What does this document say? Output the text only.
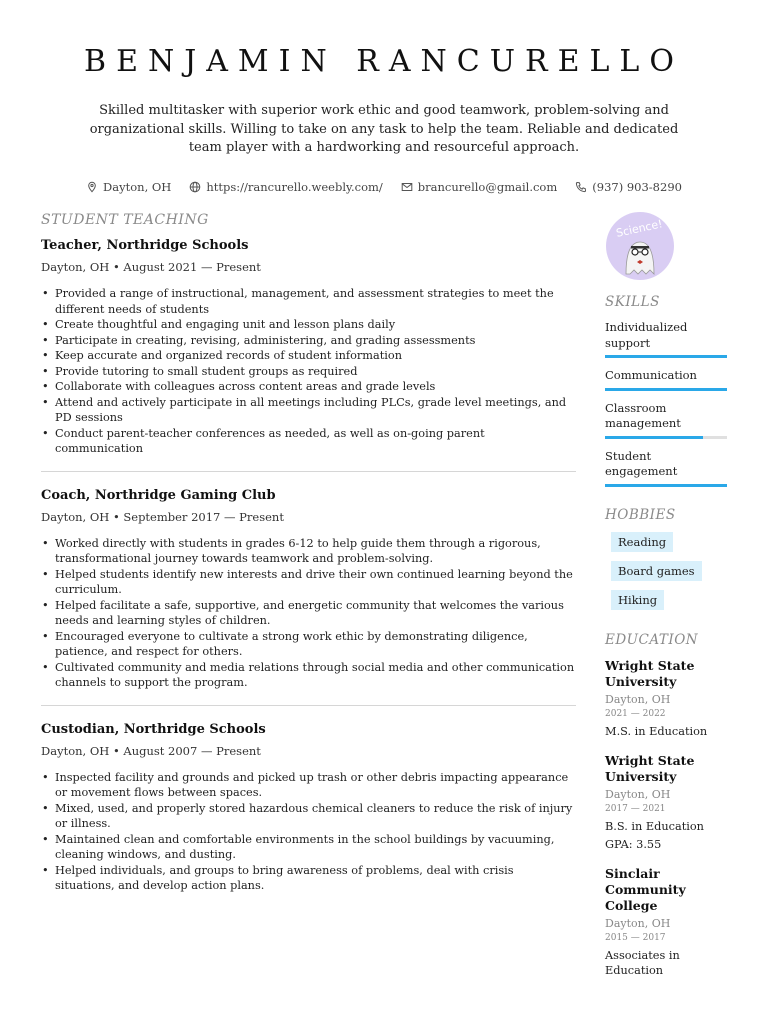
BENJAMIN RANCURELLO
Skilled multitasker with superior work ethic and good teamwork, problem-solving and organizational skills. Willing to take on any task to help the team. Reliable and dedicated team player with a hardworking and resourceful approach.
Dayton, OH	https://rancurello.weebly.com/	brancurello@gmail.com	(937) 903-8290
STUDENT TEACHING
Teacher, Northridge Schools
Dayton, OH • August 2021 — Present
• Provided a range of instructional, management, and assessment strategies to meet the different needs of students
• Create thoughtful and engaging unit and lesson plans daily
• Participate in creating, revising, administering, and grading assessments
• Keep accurate and organized records of student information
• Provide tutoring to small student groups as required
• Collaborate with colleagues across content areas and grade levels
• Attend and actively participate in all meetings including PLCs, grade level meetings, and PD sessions
• Conduct parent-teacher conferences as needed, as well as on-going parent communication
Coach, Northridge Gaming Club
Dayton, OH • September 2017 — Present
• Worked directly with students in grades 6-12 to help guide them through a rigorous, transformational journey towards teamwork and problem-solving.
• Helped students identify new interests and drive their own continued learning beyond the curriculum.
• Helped facilitate a safe, supportive, and energetic community that welcomes the various needs and learning styles of children.
• Encouraged everyone to cultivate a strong work ethic by demonstrating diligence, patience, and respect for others.
• Cultivated community and media relations through social media and other communication channels to support the program.
Custodian, Northridge Schools
Dayton, OH • August 2007 — Present
• Inspected facility and grounds and picked up trash or other debris impacting appearance or movement flows between spaces.
• Mixed, used, and properly stored hazardous chemical cleaners to reduce the risk of injury or illness.
• Maintained clean and comfortable environments in the school buildings by vacuuming, cleaning windows, and dusting.
• Helped individuals, and groups to bring awareness of problems, deal with crisis situations, and develop action plans.
Science!
SKILLS
Individualized support
Communication
Classroom management
Student engagement
HOBBIES
Reading
Board games
Hiking
EDUCATION
Wright State University
Dayton, OH
2021 — 2022
M.S. in Education
Wright State University
Dayton, OH
2017 — 2021
B.S. in Education
GPA: 3.55
Sinclair Community College
Dayton, OH
2015 — 2017
Associates in Education
